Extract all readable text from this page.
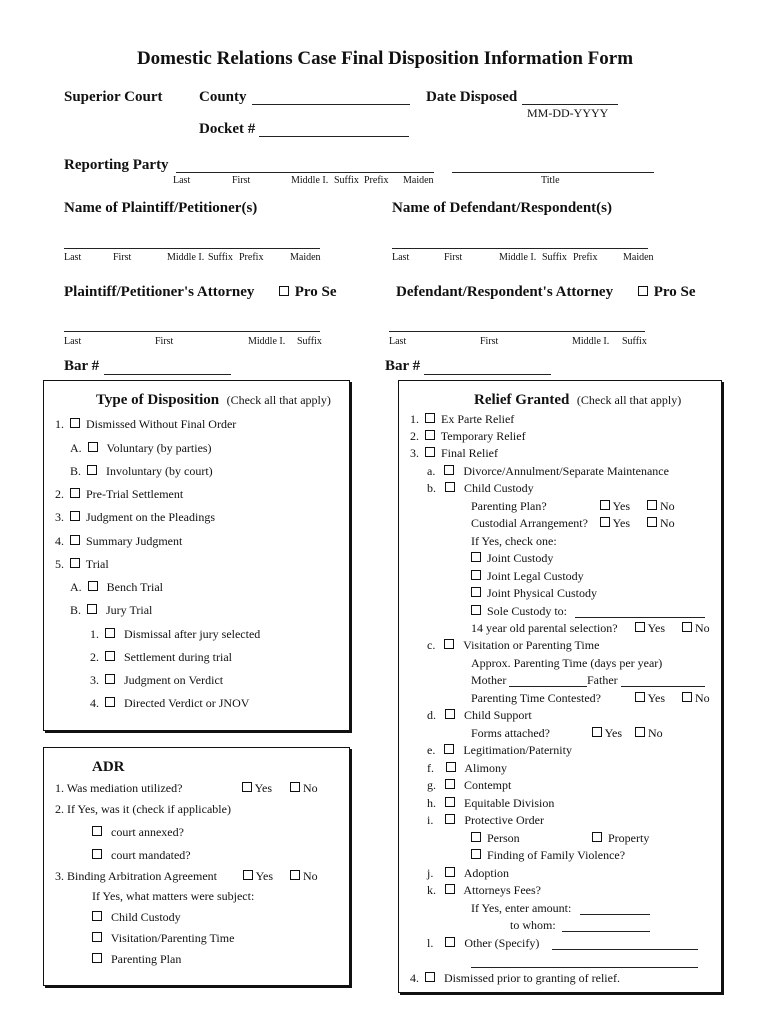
Domestic Relations Case Final Disposition Information Form
Superior Court County	Date Disposed
MM-DD-YYYY
Docket #
Reporting Party
Last	First	Middle I. Suffix Prefix Maiden	Title
Name of Plaintiff/Petitioner(s)	Name of Defendant/Respondent(s)
Last	First	Middle I. Suffix Prefix	Maiden	Last	First	Middle I. Suffix Prefix	Maiden
Plaintiff/Petitioner's Attorney	Pro Se	Defendant/Respondent's Attorney	Pro Se
Last	First	Middle I. Suffix	Last	First	Middle I. Suffix
Bar #	Bar #
Type of Disposition (Check all that apply)
1. Dismissed Without Final Order
A. Voluntary (by parties)
B. Involuntary (by court)
2. Pre-Trial Settlement
3. Judgment on the Pleadings
4. Summary Judgment
5. Trial
A. Bench Trial
B. Jury Trial
1. Dismissal after jury selected
2. Settlement during trial
3. Judgment on Verdict
4. Directed Verdict or JNOV
ADR
1. Was mediation utilized?	Yes	No
2. If Yes, was it (check if applicable)
court annexed?
court mandated?
3. Binding Arbitration Agreement	Yes	No
If Yes, what matters were subject:
Child Custody
Visitation/Parenting Time
Parenting Plan
Relief Granted (Check all that apply)
1.    Ex Parte Relief
2.    Temporary Relief
3.    Final Relief
a.      Divorce/Annulment/Separate Maintenance
b.      Child Custody
Parenting Plan?	Yes	No
Custodial Arrangement?	Yes	No
If Yes, check one:
Joint Custody
Joint Legal Custody
Joint Physical Custody
Sole Custody to:
14 year old parental selection?	Yes	No
c.      Visitation or Parenting Time
Approx. Parenting Time (days per year)
Mother	Father
Parenting Time Contested?	Yes	No
d.      Child Support
Forms attached?	Yes	No
e.      Legitimation/Paternity
f.       Alimony
g.      Contempt
h.      Equitable Division
i.       Protective Order
Person	Property
Finding of Family Violence?
j.       Adoption
k.      Attorneys Fees?
If Yes, enter amount:
to whom:
l.       Other (Specify)
4.     Dismissed prior to granting of relief.
